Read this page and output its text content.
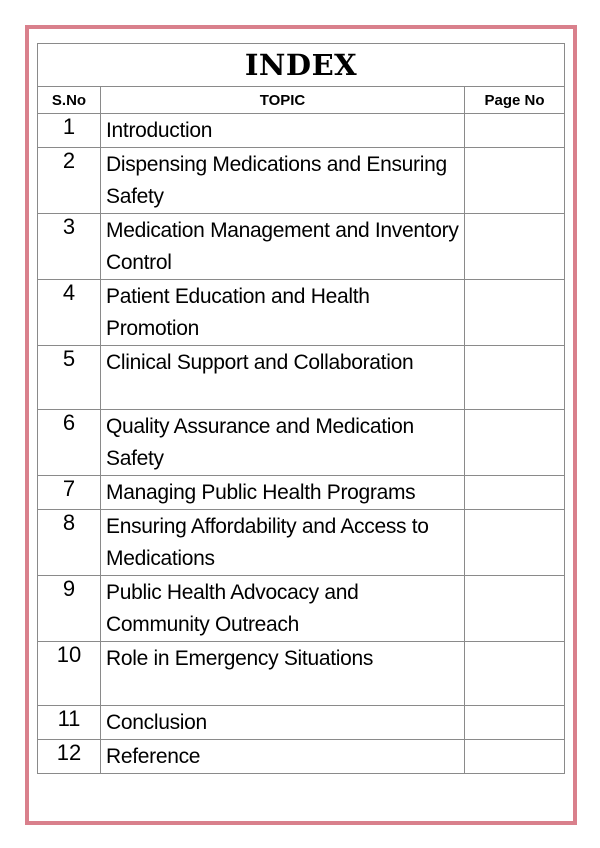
INDEX		
S.No	TOPIC	Page No
1	Introduction	
2	Dispensing Medications and Ensuring Safety	
3	Medication Management and Inventory Control	
4	Patient Education and Health Promotion	
5	Clinical Support and Collaboration	
6	Quality Assurance and Medication Safety	
7	Managing Public Health Programs	
8	Ensuring Affordability and Access to Medications	
9	Public Health Advocacy and Community Outreach	
10	Role in Emergency Situations	
11	Conclusion	
12	Reference	
